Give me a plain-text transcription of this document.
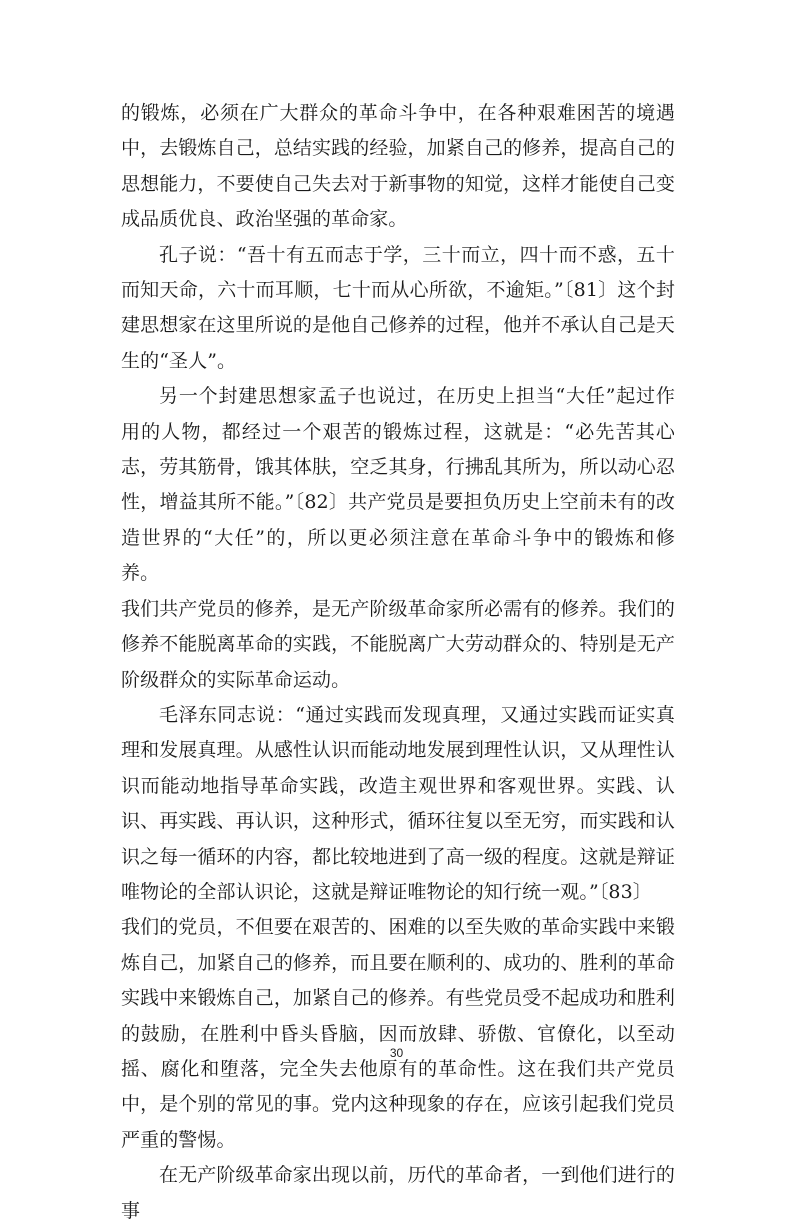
的锻炼，必须在广大群众的革命斗争中，在各种艰难困苦的境遇中，去锻炼自己，总结实践的经验，加紧自己的修养，提高自己的思想能力，不要使自己失去对于新事物的知觉，这样才能使自己变成品质优良、政治坚强的革命家。

孔子说：“吾十有五而志于学，三十而立，四十而不惑，五十而知天命，六十而耳顺，七十而从心所欲，不逾矩。”〔81〕这个封建思想家在这里所说的是他自己修养的过程，他并不承认自己是天生的“圣人”。

另一个封建思想家孟子也说过，在历史上担当“大任”起过作用的人物，都经过一个艰苦的锻炼过程，这就是：“必先苦其心志，劳其筋骨，饿其体肤，空乏其身，行拂乱其所为，所以动心忍性，增益其所不能。”〔82〕共产党员是要担负历史上空前未有的改造世界的“大任”的，所以更必须注意在革命斗争中的锻炼和修养。

我们共产党员的修养，是无产阶级革命家所必需有的修养。我们的修养不能脱离革命的实践，不能脱离广大劳动群众的、特别是无产阶级群众的实际革命运动。

毛泽东同志说：“通过实践而发现真理，又通过实践而证实真理和发展真理。从感性认识而能动地发展到理性认识，又从理性认识而能动地指导革命实践，改造主观世界和客观世界。实践、认识、再实践、再认识，这种形式，循环往复以至无穷，而实践和认识之每一循环的内容，都比较地进到了高一级的程度。这就是辩证唯物论的全部认识论，这就是辩证唯物论的知行统一观。”〔83〕

我们的党员，不但要在艰苦的、困难的以至失败的革命实践中来锻炼自己，加紧自己的修养，而且要在顺利的、成功的、胜利的革命实践中来锻炼自己，加紧自己的修养。有些党员受不起成功和胜利的鼓励，在胜利中昏头昏脑，因而放肆、骄傲、官僚化，以至动摇、腐化和堕落，完全失去他原有的革命性。这在我们共产党员中，是个别的常见的事。党内这种现象的存在，应该引起我们党员严重的警惕。

在无产阶级革命家出现以前，历代的革命者，一到他们进行的事

30
